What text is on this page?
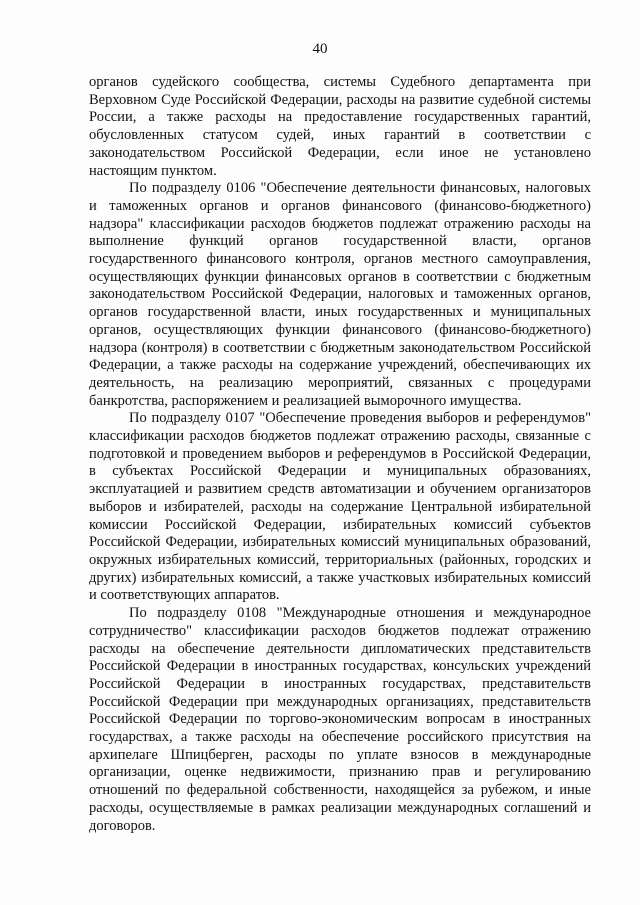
40

органов судейского сообщества, системы Судебного департамента при Верховном Суде Российской Федерации, расходы на развитие судебной системы России, а также расходы на предоставление государственных гарантий, обусловленных статусом судей, иных гарантий в соответствии с законодательством Российской Федерации, если иное не установлено настоящим пунктом.

По подразделу 0106 "Обеспечение деятельности финансовых, налоговых и таможенных органов и органов финансового (финансово-бюджетного) надзора" классификации расходов бюджетов подлежат отражению расходы на выполнение функций органов государственной власти, органов государственного финансового контроля, органов местного самоуправления, осуществляющих функции финансовых органов в соответствии с бюджетным законодательством Российской Федерации, налоговых и таможенных органов, органов государственной власти, иных государственных и муниципальных органов, осуществляющих функции финансового (финансово-бюджетного) надзора (контроля) в соответствии с бюджетным законодательством Российской Федерации, а также расходы на содержание учреждений, обеспечивающих их деятельность, на реализацию мероприятий, связанных с процедурами банкротства, распоряжением и реализацией выморочного имущества.

По подразделу 0107 "Обеспечение проведения выборов и референдумов" классификации расходов бюджетов подлежат отражению расходы, связанные с подготовкой и проведением выборов и референдумов в Российской Федерации, в субъектах Российской Федерации и муниципальных образованиях, эксплуатацией и развитием средств автоматизации и обучением организаторов выборов и избирателей, расходы на содержание Центральной избирательной комиссии Российской Федерации, избирательных комиссий субъектов Российской Федерации, избирательных комиссий муниципальных образований, окружных избирательных комиссий, территориальных (районных, городских и других) избирательных комиссий, а также участковых избирательных комиссий и соответствующих аппаратов.

По подразделу 0108 "Международные отношения и международное сотрудничество" классификации расходов бюджетов подлежат отражению расходы на обеспечение деятельности дипломатических представительств Российской Федерации в иностранных государствах, консульских учреждений Российской Федерации в иностранных государствах, представительств Российской Федерации при международных организациях, представительств Российской Федерации по торгово-экономическим вопросам в иностранных государствах, а также расходы на обеспечение российского присутствия на архипелаге Шпицберген, расходы по уплате взносов в международные организации, оценке недвижимости, признанию прав и регулированию отношений по федеральной собственности, находящейся за рубежом, и иные расходы, осуществляемые в рамках реализации международных соглашений и договоров.
